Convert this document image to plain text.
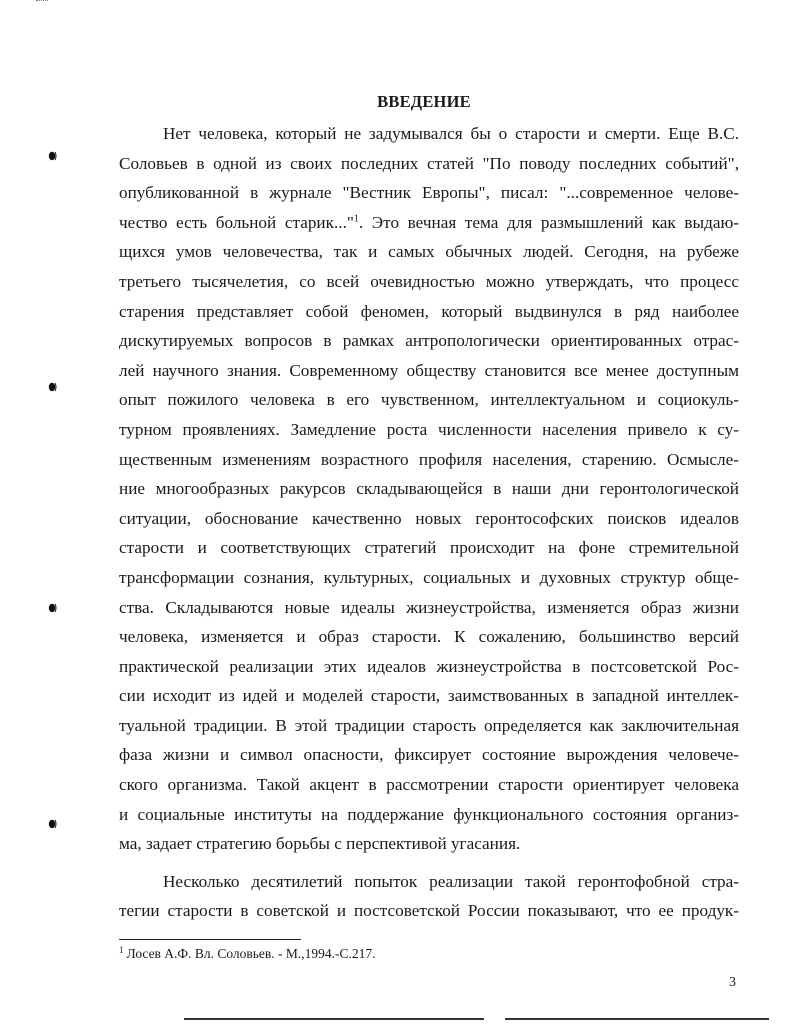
ВВЕДЕНИЕ
Нет человека, который не задумывался бы о старости и смерти. Еще В.С.
Соловьев в одной из своих последних статей "По поводу последних событий",
опубликованной в журнале "Вестник Европы", писал: "...современное челове-
чество есть больной старик..."$^1$. Это вечная тема для размышлений как выдаю-
щихся умов человечества, так и самых обычных людей. Сегодня, на рубеже
третьего тысячелетия, со всей очевидностью можно утверждать, что процесс
старения представляет собой феномен, который выдвинулся в ряд наиболее
дискутируемых вопросов в рамках антропологически ориентированных отрас-
лей научного знания. Современному обществу становится все менее доступным
опыт пожилого человека в его чувственном, интеллектуальном и социокуль-
турном проявлениях. Замедление роста численности населения привело к су-
щественным изменениям возрастного профиля населения, старению. Осмысле-
ние многообразных ракурсов складывающейся в наши дни геронтологической
ситуации, обоснование качественно новых геронтософских поисков идеалов
старости и соответствующих стратегий происходит на фоне стремительной
трансформации сознания, культурных, социальных и духовных структур обще-
ства. Складываются новые идеалы жизнеустройства, изменяется образ жизни
человека, изменяется и образ старости. К сожалению, большинство версий
практической реализации этих идеалов жизнеустройства в постсоветской Рос-
сии исходит из идей и моделей старости, заимствованных в западной интеллек-
туальной традиции. В этой традиции старость определяется как заключительная
фаза жизни и символ опасности, фиксирует состояние вырождения человече-
ского организма. Такой акцент в рассмотрении старости ориентирует человека
и социальные институты на поддержание функционального состояния организ-
ма, задает стратегию борьбы с перспективой угасания.
Несколько десятилетий попыток реализации такой геронтофобной стра-
тегии старости в советской и постсоветской России показывают, что ее продук-
$^1$ Лосев А.Ф. Вл. Соловьев. - М.,1994.-С.217.
3
